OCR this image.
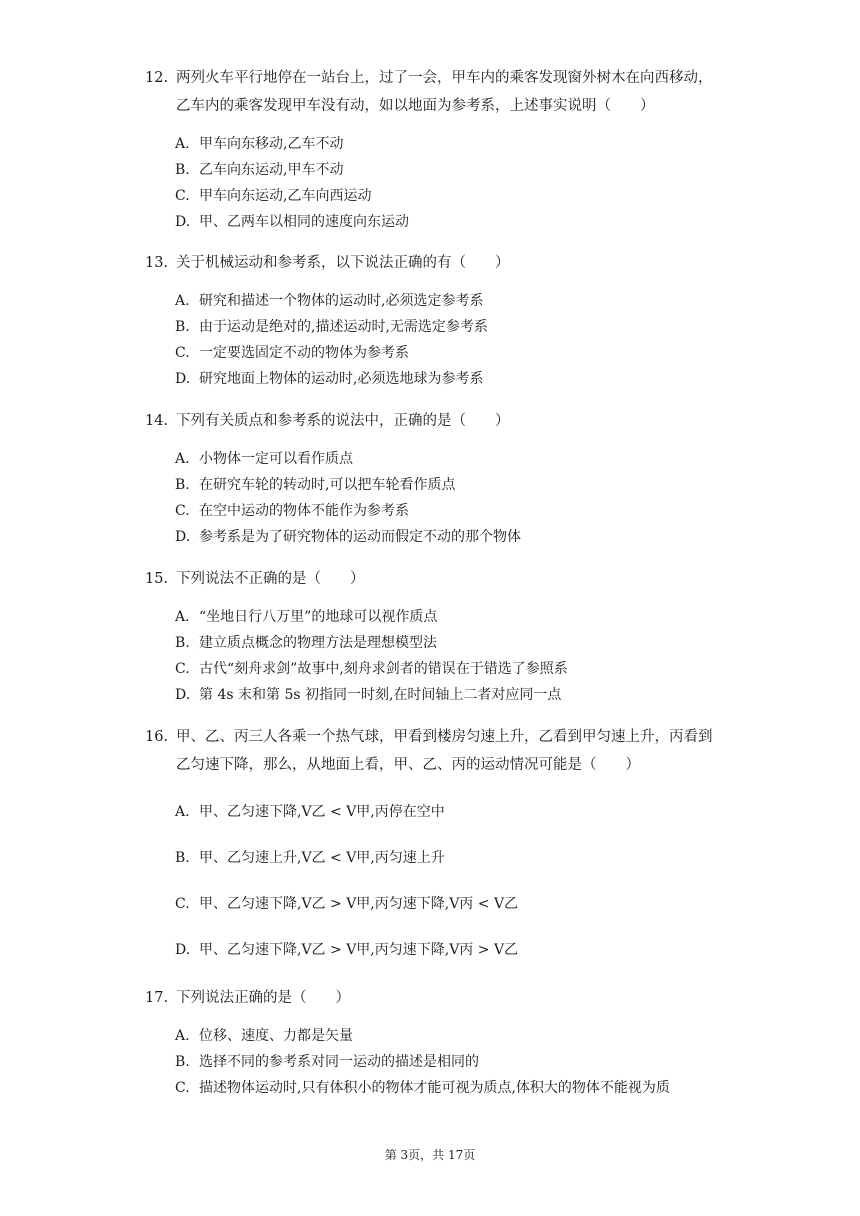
12. 两列火车平行地停在一站台上，过了一会，甲车内的乘客发现窗外树木在向西移动，乙车内的乘客发现甲车没有动，如以地面为参考系，上述事实说明（　　）

A. 甲车向东移动,乙车不动
B. 乙车向东运动,甲车不动
C. 甲车向东运动,乙车向西运动
D. 甲、乙两车以相同的速度向东运动

13. 关于机械运动和参考系，以下说法正确的有（　　）

A. 研究和描述一个物体的运动时,必须选定参考系
B. 由于运动是绝对的,描述运动时,无需选定参考系
C. 一定要选固定不动的物体为参考系
D. 研究地面上物体的运动时,必须选地球为参考系

14. 下列有关质点和参考系的说法中，正确的是（　　）

A. 小物体一定可以看作质点
B. 在研究车轮的转动时,可以把车轮看作质点
C. 在空中运动的物体不能作为参考系
D. 参考系是为了研究物体的运动而假定不动的那个物体

15. 下列说法不正确的是（　　）

A. “坐地日行八万里”的地球可以视作质点
B. 建立质点概念的物理方法是理想模型法
C. 古代“刻舟求剑”故事中,刻舟求剑者的错误在于错选了参照系
D. 第 4s 末和第 5s 初指同一时刻,在时间轴上二者对应同一点

16. 甲、乙、丙三人各乘一个热气球，甲看到楼房匀速上升，乙看到甲匀速上升，丙看到乙匀速下降，那么，从地面上看，甲、乙、丙的运动情况可能是（　　）

A. 甲、乙匀速下降,V乙 < V甲,丙停在空中
B. 甲、乙匀速上升,V乙 < V甲,丙匀速上升
C. 甲、乙匀速下降,V乙 > V甲,丙匀速下降,V丙 < V乙
D. 甲、乙匀速下降,V乙 > V甲,丙匀速下降,V丙 > V乙

17. 下列说法正确的是（　　）

A. 位移、速度、力都是矢量
B. 选择不同的参考系对同一运动的描述是相同的
C. 描述物体运动时,只有体积小的物体才能可视为质点,体积大的物体不能视为质
第 3页，共 17页
